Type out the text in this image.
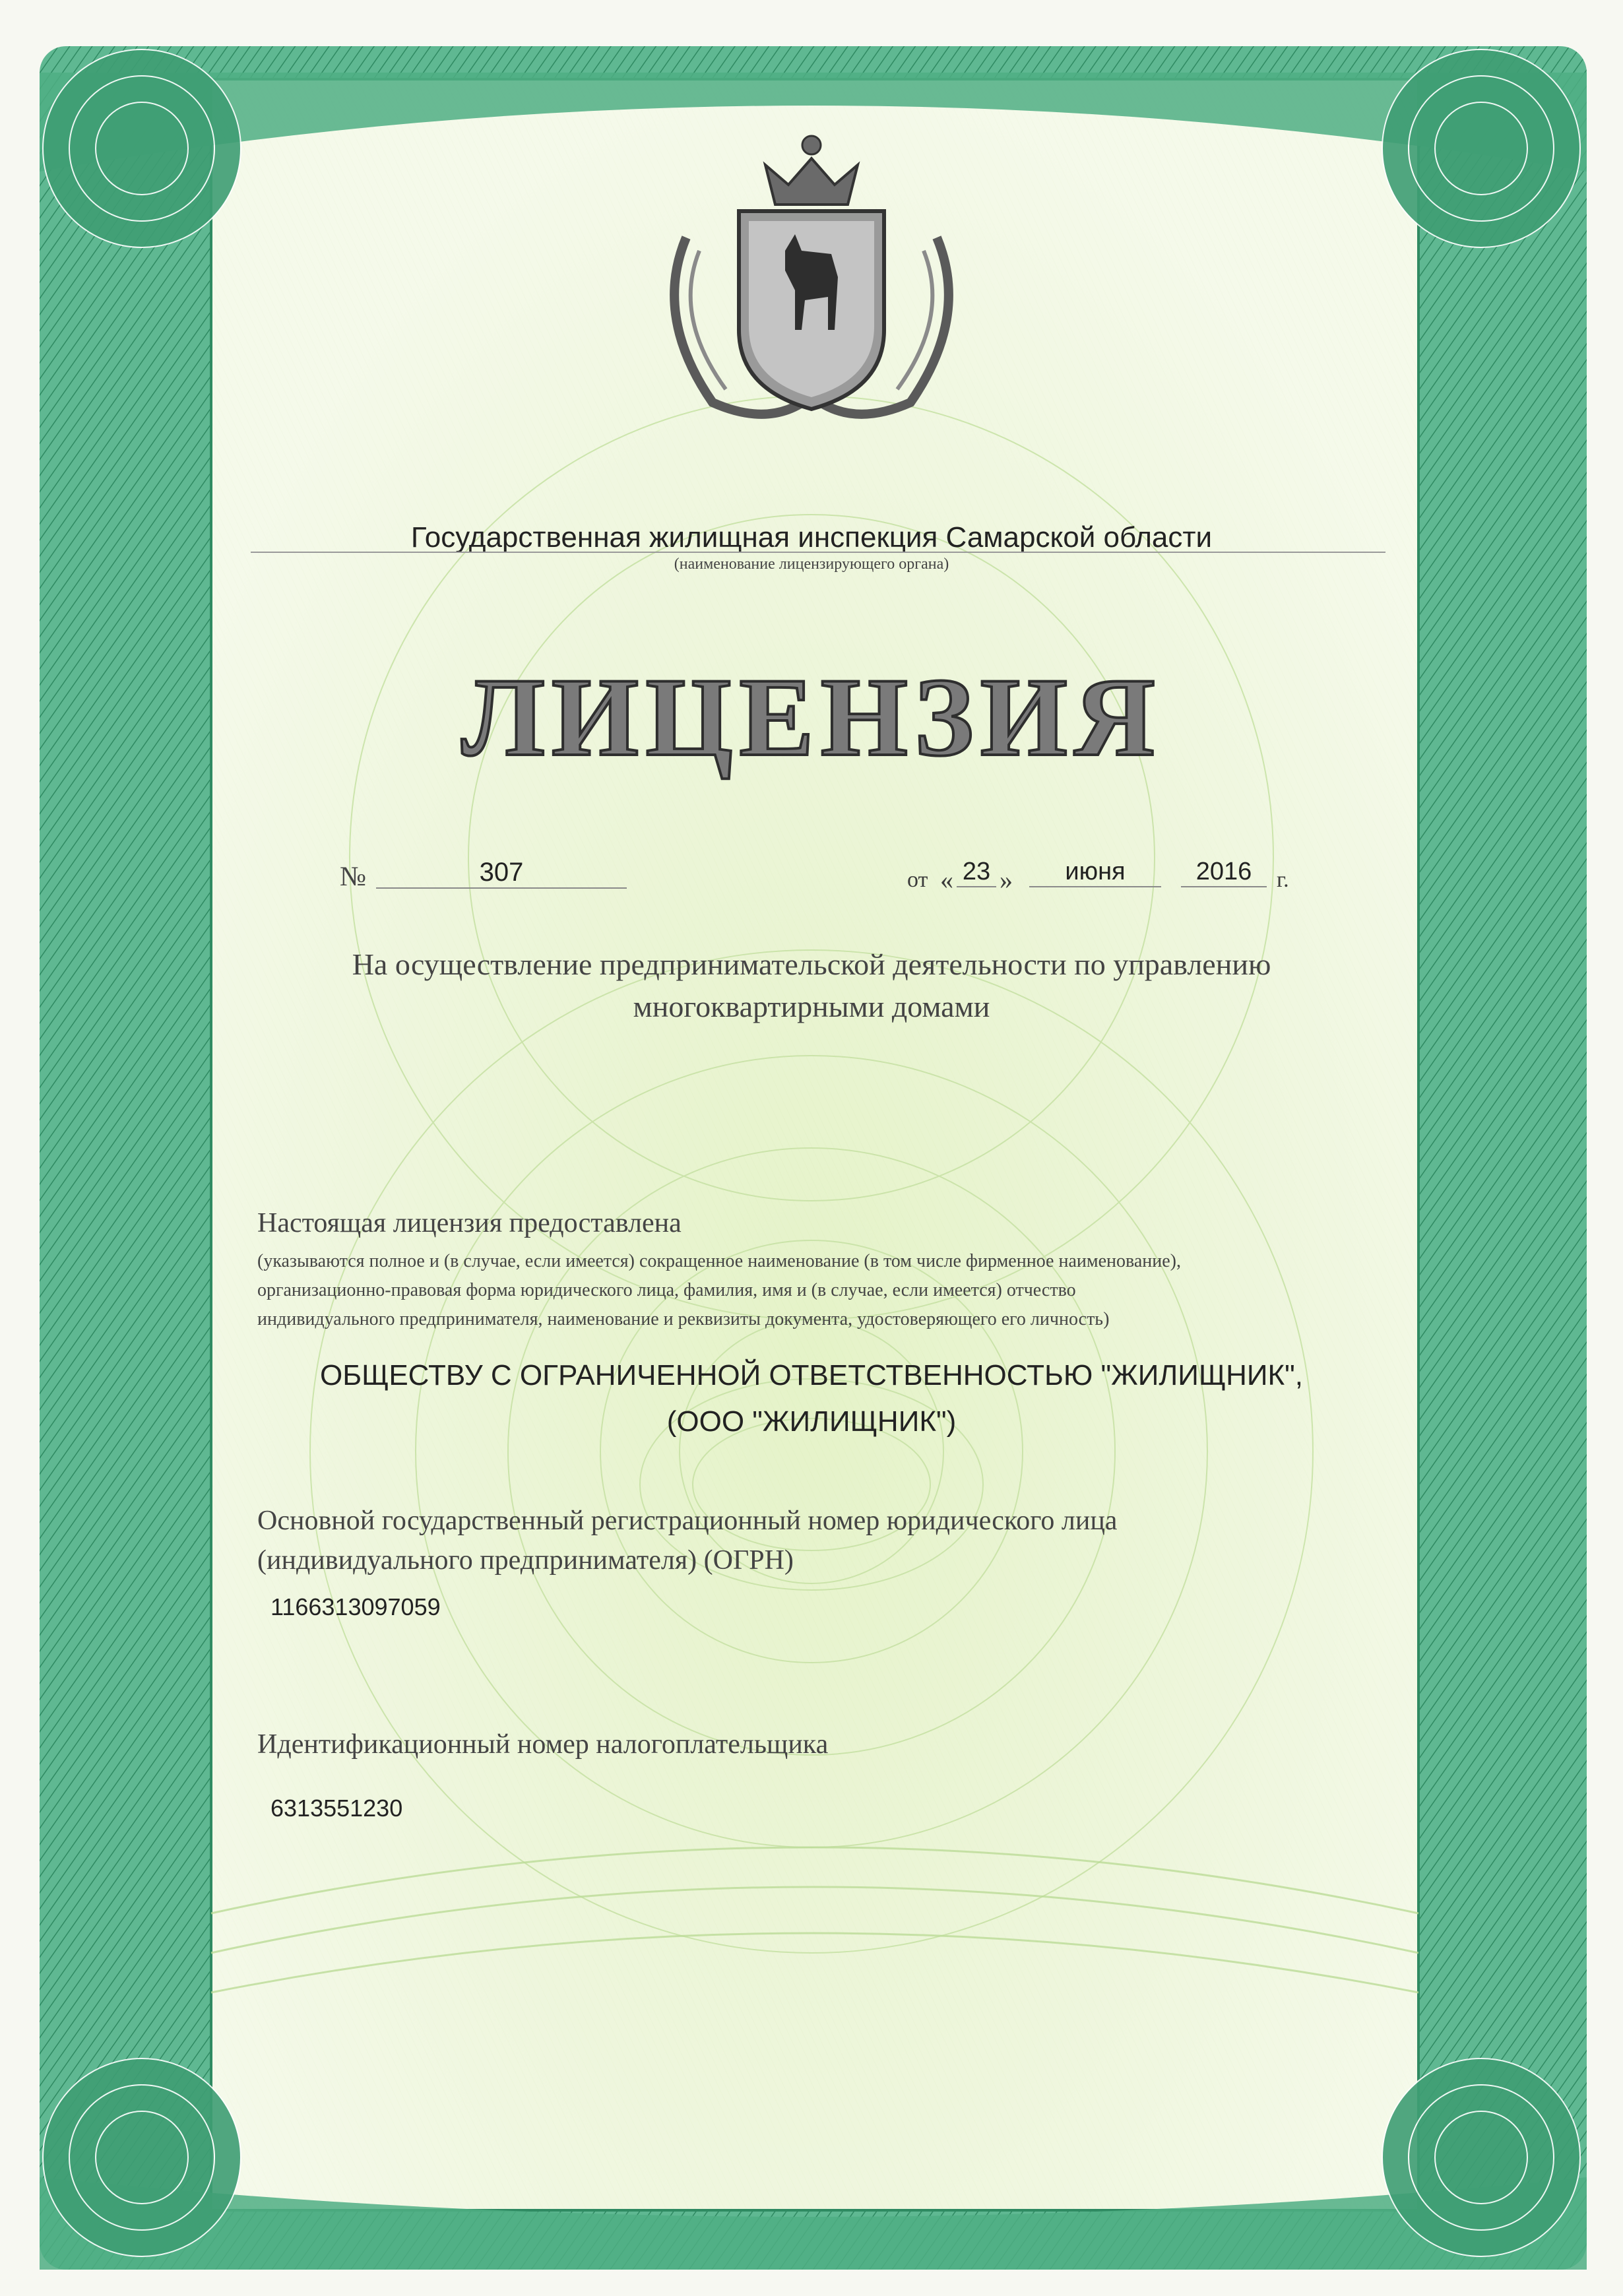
Государственная жилищная инспекция Самарской области
(наименование лицензирующего органа)
ЛИЦЕНЗИЯ
№	307	от « 23 »	июня	2016	г.
На осуществление предпринимательской деятельности по управлению
многоквартирными домами
Настоящая лицензия предоставлена
(указываются полное и (в случае, если имеется) сокращенное наименование (в том числе фирменное наименование),
организационно-правовая форма юридического лица, фамилия, имя и (в случае, если имеется) отчество
индивидуального предпринимателя, наименование и реквизиты документа, удостоверяющего его личность)
ОБЩЕСТВУ С ОГРАНИЧЕННОЙ ОТВЕТСТВЕННОСТЬЮ "ЖИЛИЩНИК",
(ООО "ЖИЛИЩНИК")
Основной государственный регистрационный номер юридического лица
(индивидуального предпринимателя) (ОГРН)
1166313097059
Идентификационный номер налогоплательщика
6313551230
